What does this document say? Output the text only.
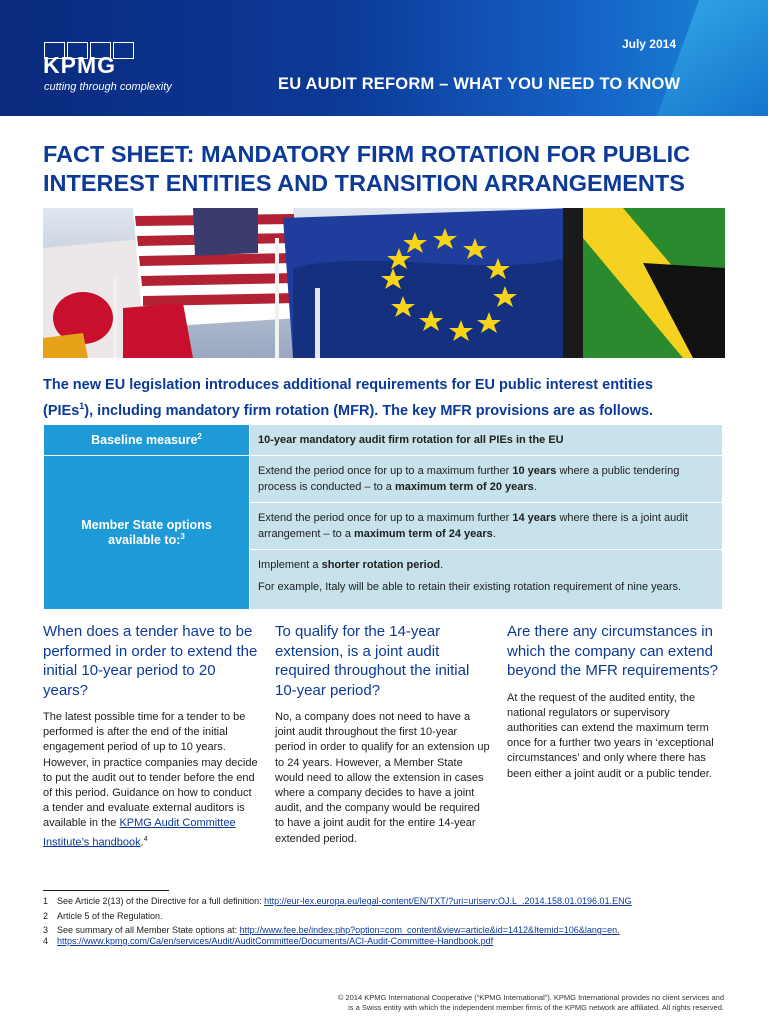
KPMG
cutting through complexity
July 2014
EU AUDIT REFORM – WHAT YOU NEED TO KNOW
FACT SHEET: MANDATORY FIRM ROTATION FOR PUBLIC
INTEREST ENTITIES AND TRANSITION ARRANGEMENTS
The new EU legislation introduces additional requirements for EU public interest entities
(PIEs$^1$), including mandatory firm rotation (MFR). The key MFR provisions are as follows.
Baseline measure$^2$	10-year mandatory audit firm rotation for all PIEs in the EU

Member State options
available to:$^3$	Extend the period once for up to a maximum further 10 years where a public tendering process is conducted – to a maximum term of 20 years.
	Extend the period once for up to a maximum further 14 years where there is a joint audit arrangement – to a maximum term of 24 years.

	Implement a shorter rotation period.
For example, Italy will be able to retain their existing rotation requirement of nine years.
When does a tender have to be performed in order to extend the initial 10-year period to 20 years?

The latest possible time for a tender to be performed is after the end of the initial engagement period of up to 10 years. However, in practice companies may decide to put the audit out to tender before the end of this period. Guidance on how to conduct a tender and evaluate external auditors is available in the KPMG Audit Committee Institute’s handbook.$^4$

To qualify for the 14-year extension, is a joint audit required throughout the initial 10-year period?

No, a company does not need to have a joint audit throughout the first 10-year period in order to qualify for an extension up to 24 years. However, a Member State would need to allow the extension in cases where a company decides to have a joint audit, and the company would be required to have a joint audit for the entire 14-year extended period.

Are there any circumstances in which the company can extend beyond the MFR requirements?

At the request of the audited entity, the national regulators or supervisory authorities can extend the maximum term once for a further two years in ‘exceptional circumstances’ and only where there has been either a joint audit or a public tender.

1 See Article 2(13) of the Directive for a full definition: http://eur-lex.europa.eu/legal-content/EN/TXT/?uri=uriserv:OJ.L_.2014.158.01.0196.01.ENG
2 Article 5 of the Regulation.
3 See summary of all Member State options at: http://www.fee.be/index.php?option=com_content&view=article&id=1412&Itemid=106&lang=en.
4 https://www.kpmg.com/Ca/en/services/Audit/AuditCommittee/Documents/ACI-Audit-Committee-Handbook.pdf
© 2014 KPMG International Cooperative (“KPMG International”). KPMG International provides no client services and
is a Swiss entity with which the independent member firms of the KPMG network are affiliated. All rights reserved.
